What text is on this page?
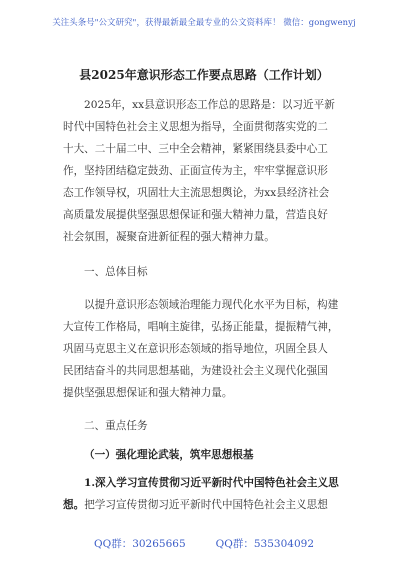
关注头条号"公文研究"，获得最新最全最专业的公文资料库！ 微信：gongwenyj
县2025年意识形态工作要点思路（工作计划）
2025年，xx县意识形态工作总的思路是：以习近平新
时代中国特色社会主义思想为指导，全面贯彻落实党的二
十大、二十届二中、三中全会精神，紧紧围绕县委中心工
作，坚持团结稳定鼓劲、正面宣传为主，牢牢掌握意识形
态工作领导权，巩固壮大主流思想舆论，为xx县经济社会
高质量发展提供坚强思想保证和强大精神力量，营造良好
社会氛围，凝聚奋进新征程的强大精神力量。
一、总体目标
以提升意识形态领域治理能力现代化水平为目标，构建
大宣传工作格局，唱响主旋律，弘扬正能量，提振精气神，
巩固马克思主义在意识形态领域的指导地位，巩固全县人
民团结奋斗的共同思想基础，为建设社会主义现代化强国
提供坚强思想保证和强大精神力量。
二、重点任务
（一）强化理论武装，筑牢思想根基
1.深入学习宣传贯彻习近平新时代中国特色社会主义思
想。把学习宣传贯彻习近平新时代中国特色社会主义思想
QQ群：30265665	QQ群：535304092
